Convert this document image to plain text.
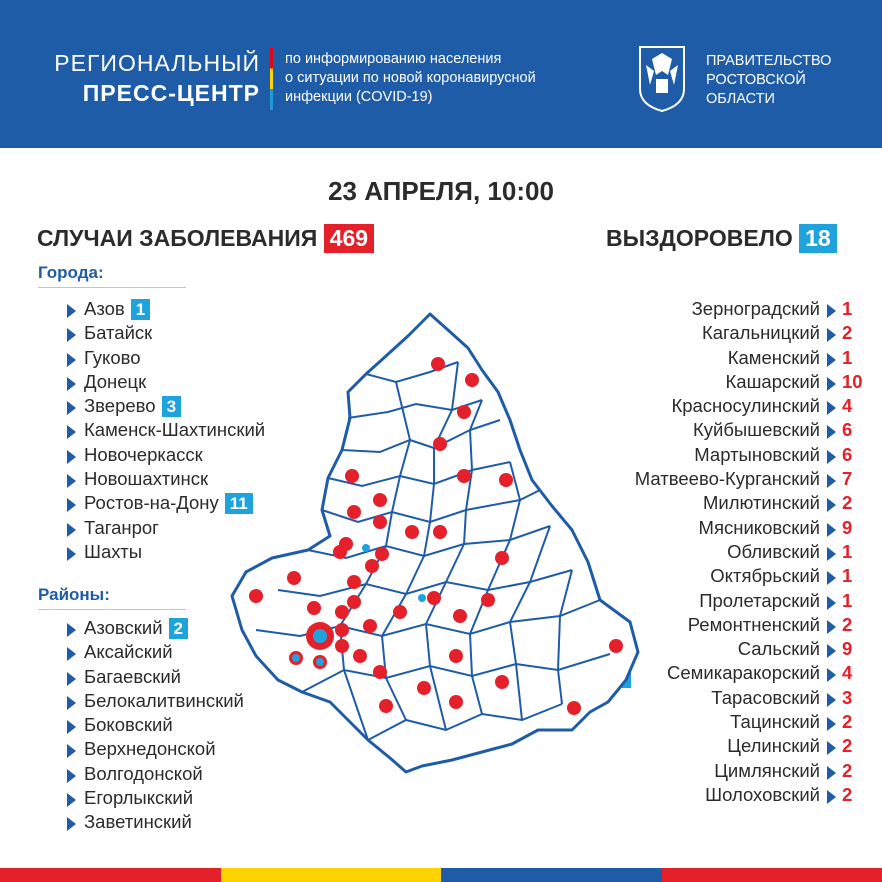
РЕГИОНАЛЬНЫЙ
ПРЕСС-ЦЕНТР
по информированию населения
о ситуации по новой коронавирусной
инфекции (COVID-19)
ПРАВИТЕЛЬСТВО
РОСТОВСКОЙ
ОБЛАСТИ
23 АПРЕЛЯ, 10:00
СЛУЧАИ ЗАБОЛЕВАНИЯ 469	ВЫЗДОРОВЕЛО 18
Города:
Азов 1
Батайск
Гуково
Донецк
Зверево 3
Каменск-Шахтинский
Новочеркасск
Новошахтинск
Ростов-на-Дону 11
Таганрог
Шахты
Районы:
Азовский 2
Аксайский
Багаевский
Белокалитвинский
Боковский
Верхнедонской
Волгодонской
Егорлыкский
Заветинский
Зерноградский 1
Кагальницкий 2
Каменский 1
Кашарский 10
Красносулинский 4
Куйбышевский 6
Мартыновский 6
Матвеево-Курганский 7
Милютинский 2
Мясниковский 9
Обливский 1
Октябрьский 1
Пролетарский 1
Ремонтненский 2
Сальский 9
Семикаракорский 4
Тарасовский 3
Тацинский 2
Целинский 2
Цимлянский 2
Шолоховский 2
